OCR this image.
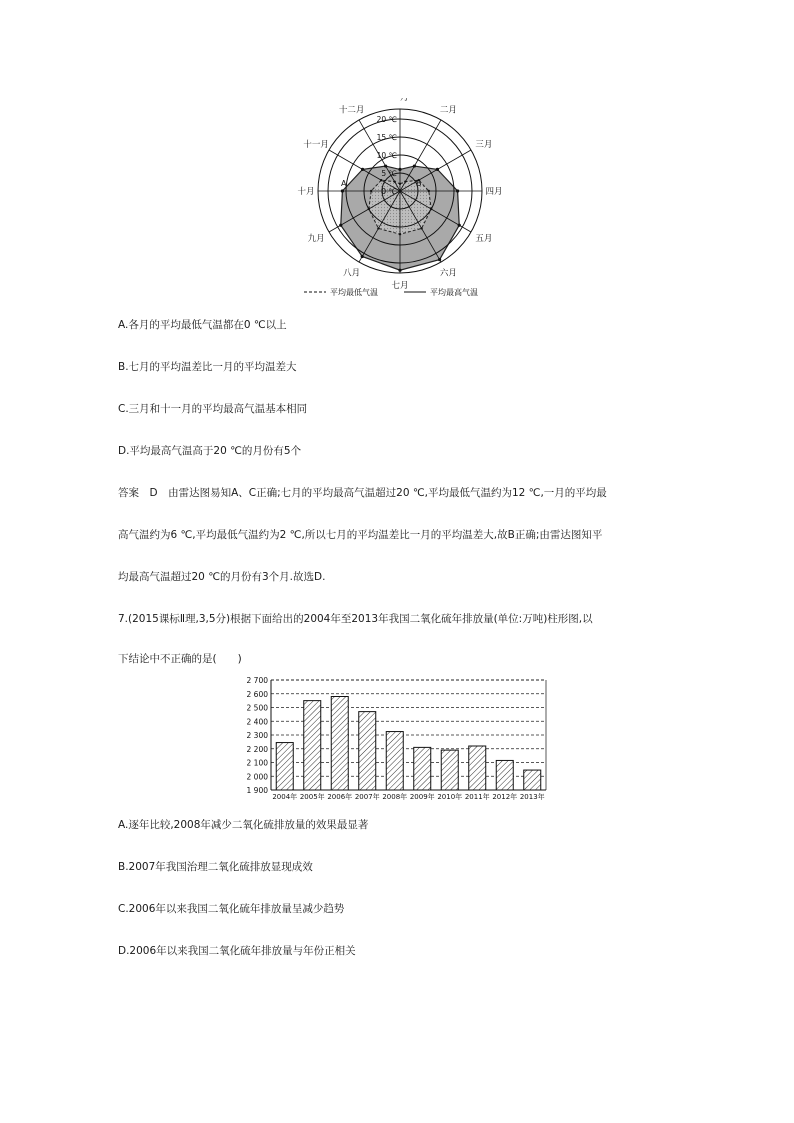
一月
二月
三月
四月
五月
六月
七月
八月
九月
十月
十一月
十二月
20 ℃
15 ℃
10 ℃
5 ℃
0 ℃
A	B
平均最低气温	平均最高气温
A.各月的平均最低气温都在0 ℃以上
B.七月的平均温差比一月的平均温差大
C.三月和十一月的平均最高气温基本相同
D.平均最高气温高于20 ℃的月份有5个
答案　D　由雷达图易知A、C正确;七月的平均最高气温超过20 ℃,平均最低气温约为12 ℃,一月的平均最
高气温约为6 ℃,平均最低气温约为2 ℃,所以七月的平均温差比一月的平均温差大,故B正确;由雷达图知平
均最高气温超过20 ℃的月份有3个月.故选D.
7.(2015课标Ⅱ理,3,5分)根据下面给出的2004年至2013年我国二氧化硫年排放量(单位:万吨)柱形图,以
下结论中不正确的是(　　)
1 900
2 000
2 100
2 200
2 300
2 400
2 500
2 600
2 700
2004年 2005年 2006年 2007年 2008年 2009年 2010年 2011年 2012年 2013年
A.逐年比较,2008年减少二氧化硫排放量的效果最显著
B.2007年我国治理二氧化硫排放显现成效
C.2006年以来我国二氧化硫年排放量呈减少趋势
D.2006年以来我国二氧化硫年排放量与年份正相关
